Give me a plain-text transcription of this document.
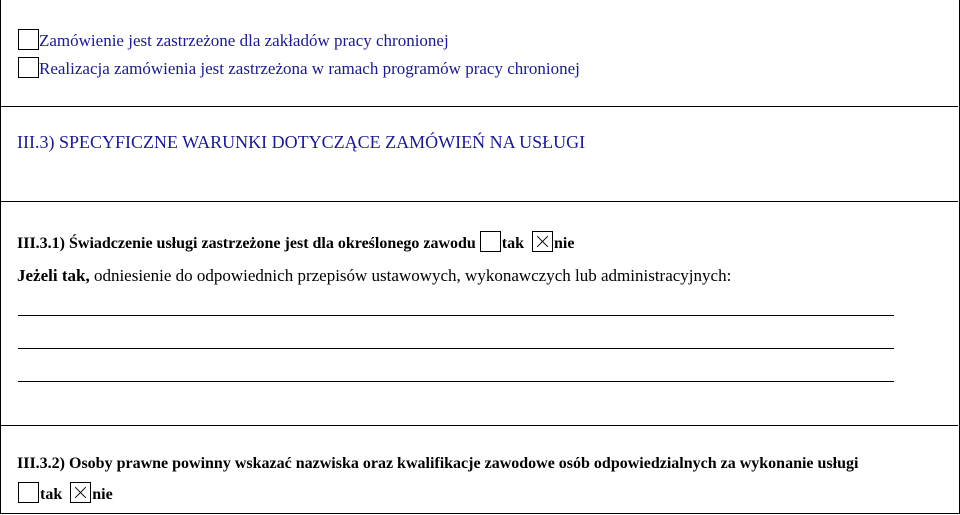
Zamówienie jest zastrzeżone dla zakładów pracy chronionej
Realizacja zamówienia jest zastrzeżona w ramach programów pracy chronionej
III.3) SPECYFICZNE WARUNKI DOTYCZĄCE ZAMÓWIEŃ NA USŁUGI
III.3.1) Świadczenie usługi zastrzeżone jest dla określonego zawodu tak nie
Jeżeli tak, odniesienie do odpowiednich przepisów ustawowych, wykonawczych lub administracyjnych:
III.3.2) Osoby prawne powinny wskazać nazwiska oraz kwalifikacje zawodowe osób odpowiedzialnych za wykonanie usługi
tak nie
